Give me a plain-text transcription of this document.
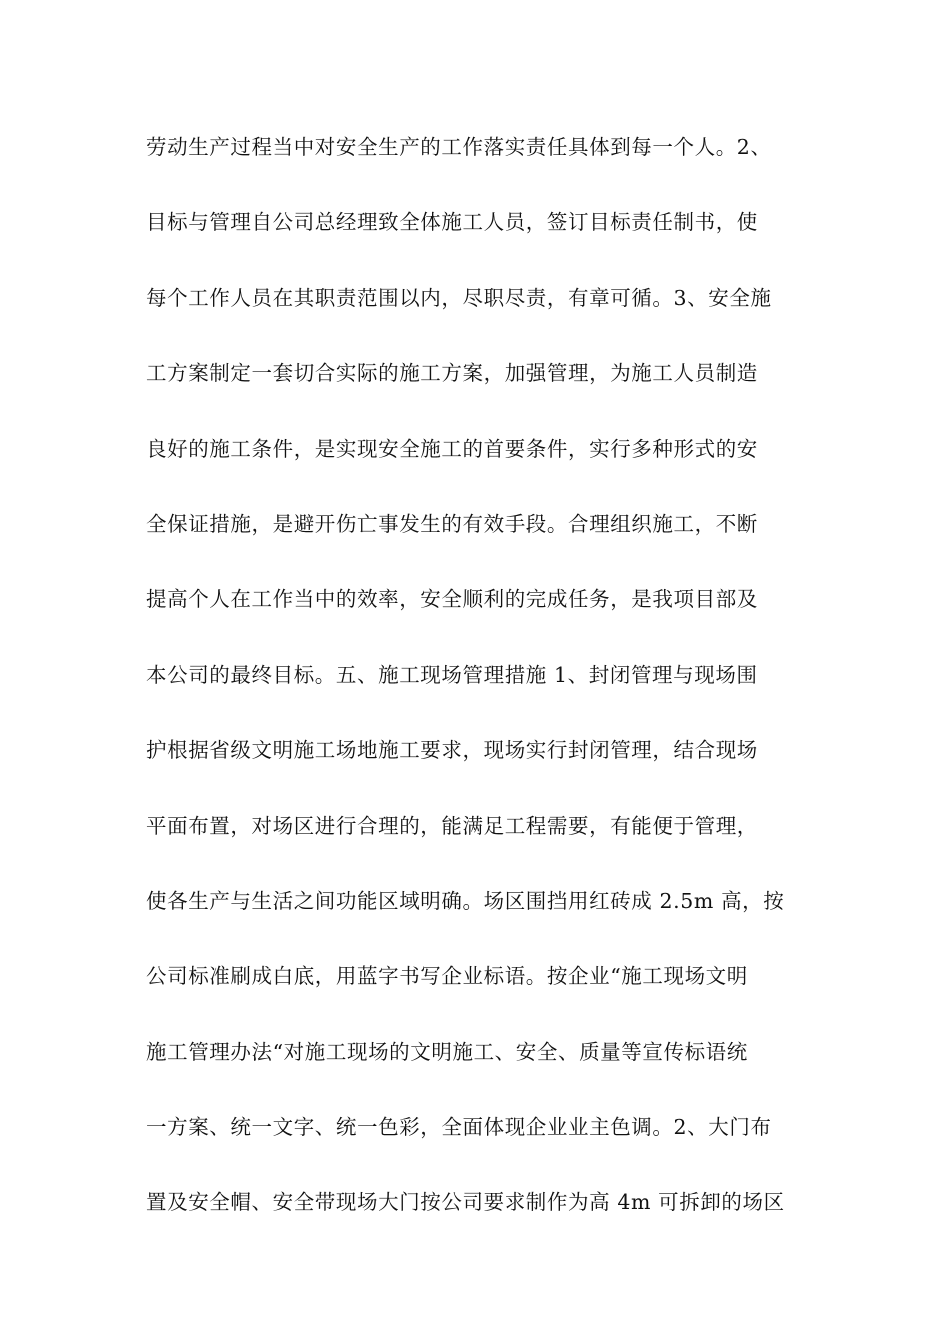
劳动生产过程当中对安全生产的工作落实责任具体到每一个人。2、
目标与管理自公司总经理致全体施工人员，签订目标责任制书，使
每个工作人员在其职责范围以内，尽职尽责，有章可循。3、安全施
工方案制定一套切合实际的施工方案，加强管理，为施工人员制造
良好的施工条件，是实现安全施工的首要条件，实行多种形式的安
全保证措施，是避开伤亡事发生的有效手段。合理组织施工，不断
提高个人在工作当中的效率，安全顺利的完成任务，是我项目部及
本公司的最终目标。五、施工现场管理措施 1、封闭管理与现场围
护根据省级文明施工场地施工要求，现场实行封闭管理，结合现场
平面布置，对场区进行合理的，能满足工程需要，有能便于管理，
使各生产与生活之间功能区域明确。场区围挡用红砖成 2.5m 高，按
公司标准刷成白底，用蓝字书写企业标语。按企业“施工现场文明
施工管理办法“对施工现场的文明施工、安全、质量等宣传标语统
一方案、统一文字、统一色彩，全面体现企业业主色调。2、大门布
置及安全帽、安全带现场大门按公司要求制作为高 4m 可拆卸的场区
